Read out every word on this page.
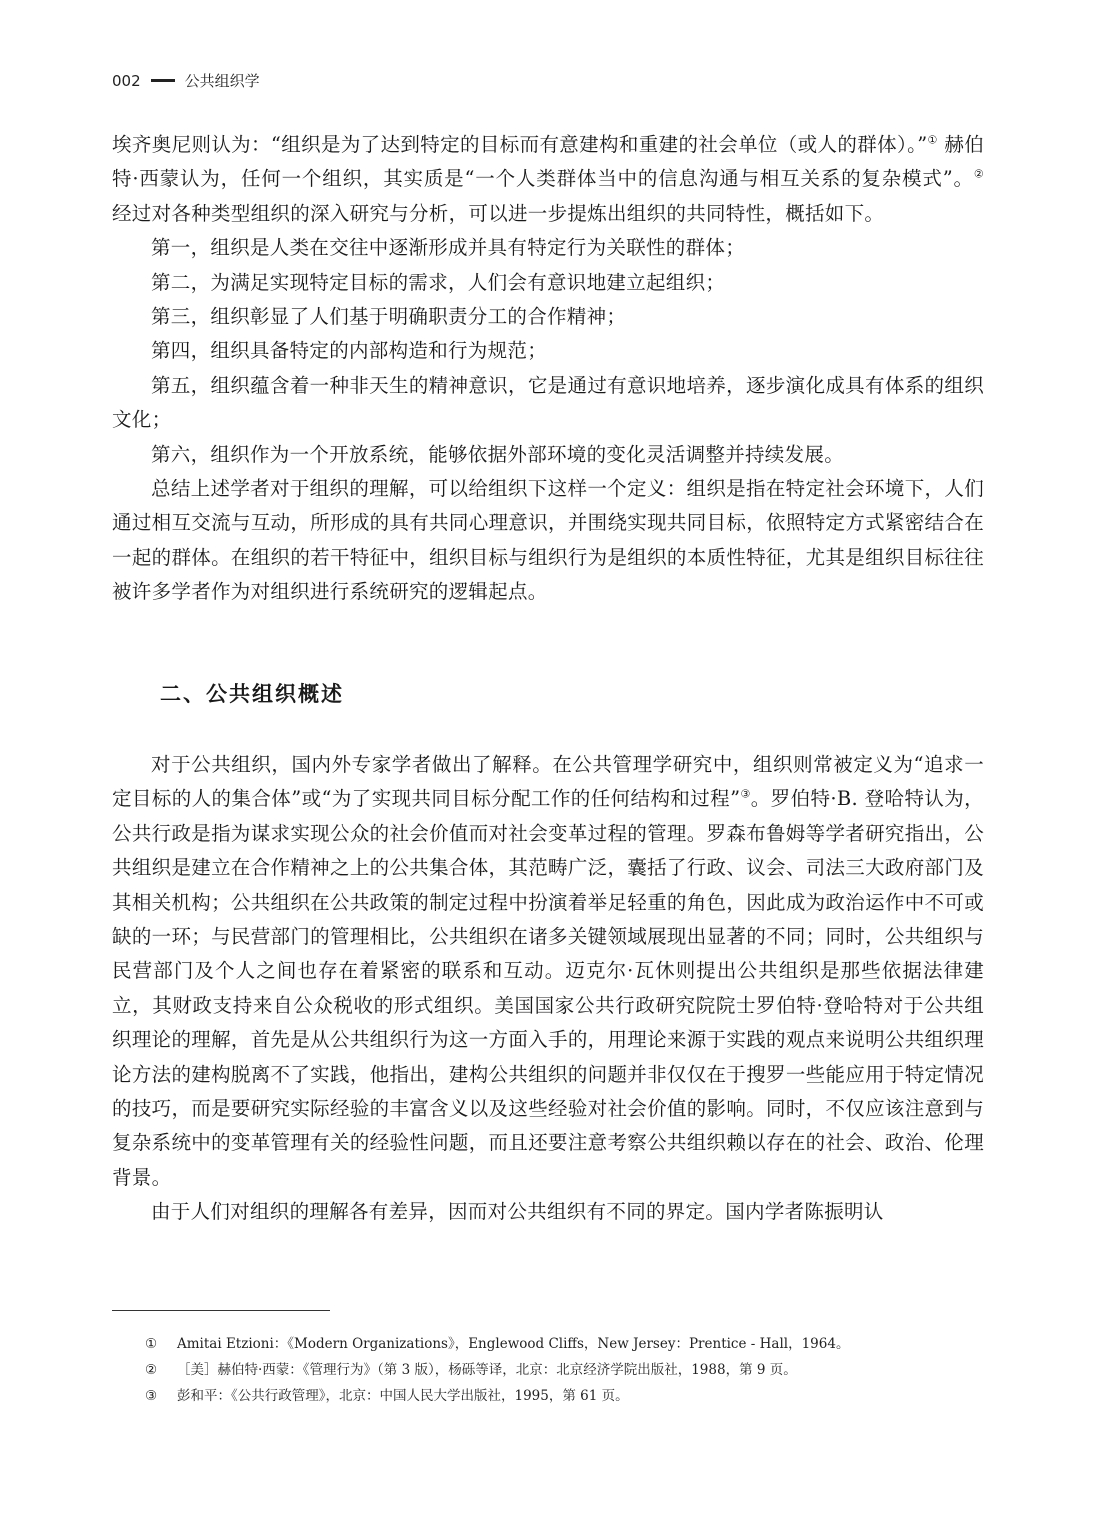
002	公共组织学

埃齐奥尼则认为：“组织是为了达到特定的目标而有意建构和重建的社会单位（或人的群体）。”① 赫伯特·西蒙认为，任何一个组织，其实质是“一个人类群体当中的信息沟通与相互关系的复杂模式”。② 经过对各种类型组织的深入研究与分析，可以进一步提炼出组织的共同特性，概括如下。

第一，组织是人类在交往中逐渐形成并具有特定行为关联性的群体；

第二，为满足实现特定目标的需求，人们会有意识地建立起组织；

第三，组织彰显了人们基于明确职责分工的合作精神；

第四，组织具备特定的内部构造和行为规范；

第五，组织蕴含着一种非天生的精神意识，它是通过有意识地培养，逐步演化成具有体系的组织文化；

第六，组织作为一个开放系统，能够依据外部环境的变化灵活调整并持续发展。

总结上述学者对于组织的理解，可以给组织下这样一个定义：组织是指在特定社会环境下，人们通过相互交流与互动，所形成的具有共同心理意识，并围绕实现共同目标，依照特定方式紧密结合在一起的群体。在组织的若干特征中，组织目标与组织行为是组织的本质性特征，尤其是组织目标往往被许多学者作为对组织进行系统研究的逻辑起点。

二、公共组织概述

对于公共组织，国内外专家学者做出了解释。在公共管理学研究中，组织则常被定义为“追求一定目标的人的集合体”或“为了实现共同目标分配工作的任何结构和过程”③。罗伯特·B. 登哈特认为，公共行政是指为谋求实现公众的社会价值而对社会变革过程的管理。罗森布鲁姆等学者研究指出，公共组织是建立在合作精神之上的公共集合体，其范畴广泛，囊括了行政、议会、司法三大政府部门及其相关机构；公共组织在公共政策的制定过程中扮演着举足轻重的角色，因此成为政治运作中不可或缺的一环；与民营部门的管理相比，公共组织在诸多关键领域展现出显著的不同；同时，公共组织与民营部门及个人之间也存在着紧密的联系和互动。迈克尔·瓦休则提出公共组织是那些依据法律建立，其财政支持来自公众税收的形式组织。美国国家公共行政研究院院士罗伯特·登哈特对于公共组织理论的理解，首先是从公共组织行为这一方面入手的，用理论来源于实践的观点来说明公共组织理论方法的建构脱离不了实践，他指出，建构公共组织的问题并非仅仅在于搜罗一些能应用于特定情况的技巧，而是要研究实际经验的丰富含义以及这些经验对社会价值的影响。同时，不仅应该注意到与复杂系统中的变革管理有关的经验性问题，而且还要注意考察公共组织赖以存在的社会、政治、伦理背景。

由于人们对组织的理解各有差异，因而对公共组织有不同的界定。国内学者陈振明认

①	Amitai Etzioni：《Modern Organizations》，Englewood Cliffs，New Jersey：Prentice - Hall，1964。
②	［美］赫伯特·西蒙：《管理行为》（第 3 版），杨砾等译，北京：北京经济学院出版社，1988，第 9 页。
③	彭和平：《公共行政管理》，北京：中国人民大学出版社，1995，第 61 页。
